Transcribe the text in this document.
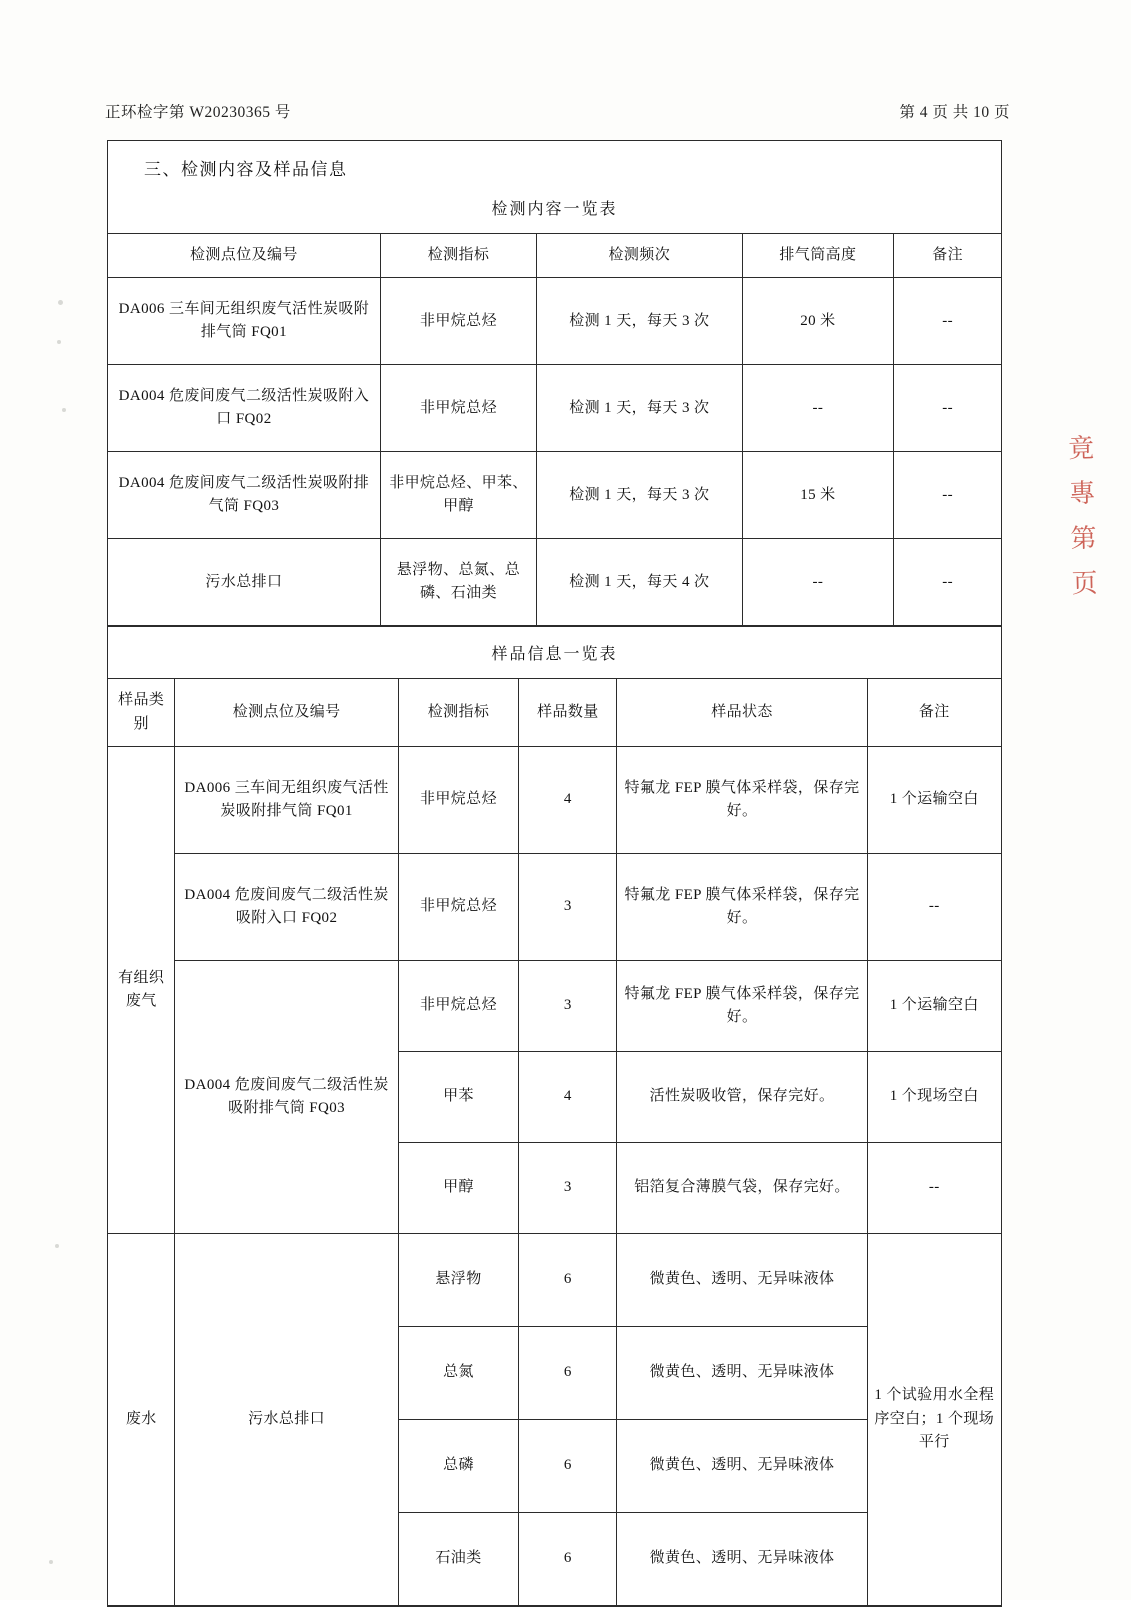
正环检字第 W20230365 号	第 4 页 共 10 页
三、检测内容及样品信息
检测内容一览表
检测点位及编号	检测指标	检测频次	排气筒高度	备注
DA006 三车间无组织废气活性炭吸附排气筒 FQ01	非甲烷总烃	检测 1 天，每天 3 次	20 米	--
DA004 危废间废气二级活性炭吸附入口 FQ02	非甲烷总烃	检测 1 天，每天 3 次	--	--
DA004 危废间废气二级活性炭吸附排气筒 FQ03	非甲烷总烃、甲苯、甲醇	检测 1 天，每天 3 次	15 米	--
污水总排口	悬浮物、总氮、总磷、石油类	检测 1 天，每天 4 次	--	--
样品信息一览表
样品类别	检测点位及编号	检测指标	样品数量	样品状态	备注
有组织废气	DA006 三车间无组织废气活性炭吸附排气筒 FQ01	非甲烷总烃	4	特氟龙 FEP 膜气体采样袋，保存完好。	1 个运输空白
	DA004 危废间废气二级活性炭吸附入口 FQ02	非甲烷总烃	3	特氟龙 FEP 膜气体采样袋，保存完好。	--
	DA004 危废间废气二级活性炭吸附排气筒 FQ03	非甲烷总烃	3	特氟龙 FEP 膜气体采样袋，保存完好。	1 个运输空白
		甲苯	4	活性炭吸收管，保存完好。	1 个现场空白
		甲醇	3	铝箔复合薄膜气袋，保存完好。	--
废水	污水总排口	悬浮物	6	微黄色、透明、无异味液体	1 个试验用水全程序空白；1 个现场平行
		总氮	6	微黄色、透明、无异味液体	
		总磷	6	微黄色、透明、无异味液体	
		石油类	6	微黄色、透明、无异味液体	
竟
專
第
页
